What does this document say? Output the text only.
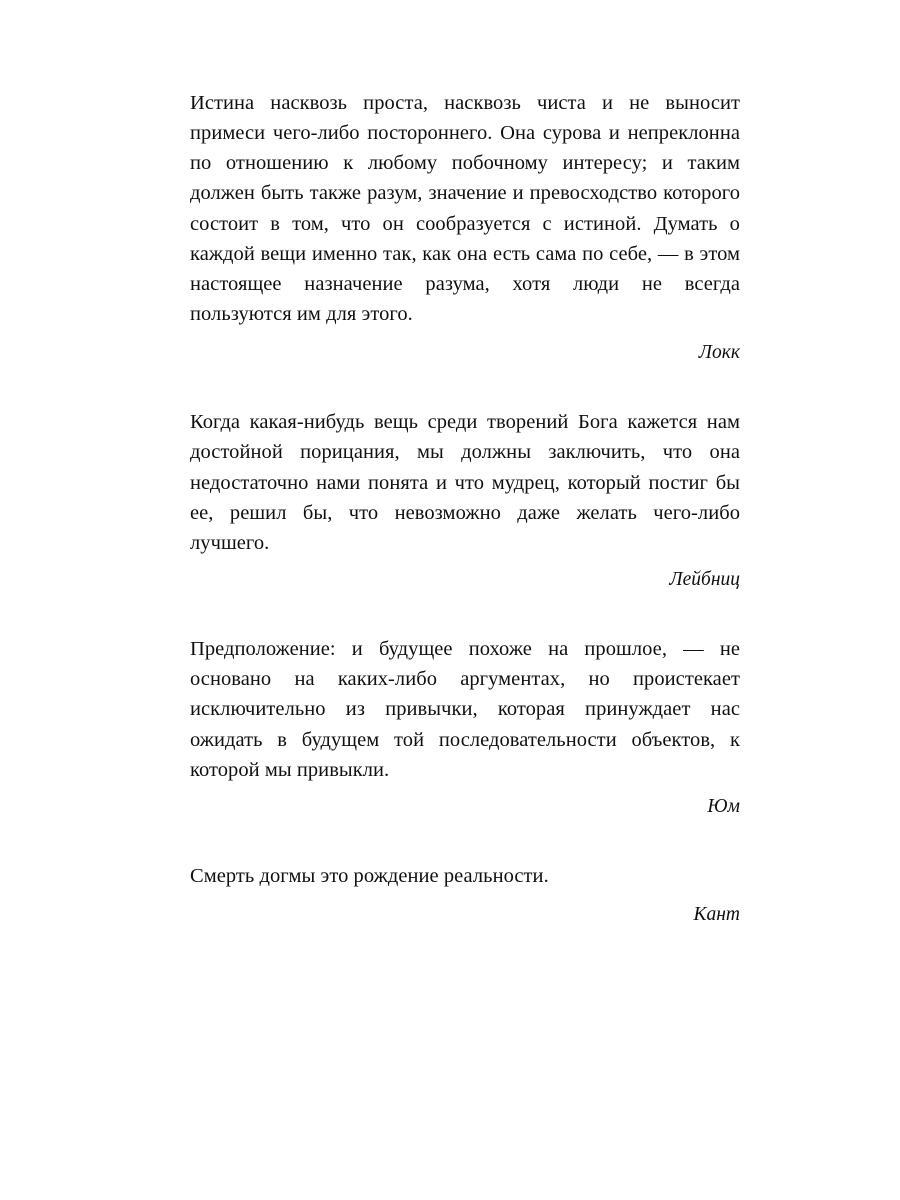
Истина насквозь проста, насквозь чиста и не выносит примеси чего-либо постороннего. Она сурова и непреклонна по отношению к любому побочному интересу; и таким должен быть также разум, значение и превосходство которого состоит в том, что он сообразуется с истиной. Думать о каждой вещи именно так, как она есть сама по себе, — в этом настоящее назначение разума, хотя люди не всегда пользуются им для этого.

Локк

Когда какая-нибудь вещь среди творений Бога кажется нам достойной порицания, мы должны заключить, что она недостаточно нами понята и что мудрец, который постиг бы ее, решил бы, что невозможно даже желать чего-либо лучшего.

Лейбниц

Предположение: и будущее похоже на прошлое, — не основано на каких-либо аргументах, но проистекает исключительно из привычки, которая принуждает нас ожидать в будущем той последовательности объектов, к которой мы привыкли.

Юм

Смерть догмы это рождение реальности.

Кант
